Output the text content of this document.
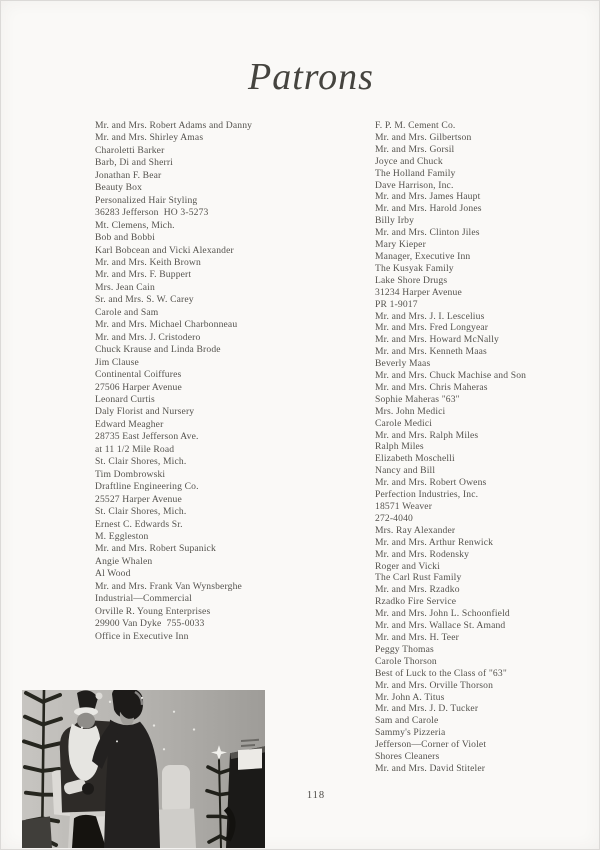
Patrons
Mr. and Mrs. Robert Adams and Danny
Mr. and Mrs. Shirley Amas
Charoletti Barker
Barb, Di and Sherri
Jonathan F. Bear
Beauty Box
Personalized Hair Styling
36283 Jefferson  HO 3-5273
Mt. Clemens, Mich.
Bob and Bobbi
Karl Bobcean and Vicki Alexander
Mr. and Mrs. Keith Brown
Mr. and Mrs. F. Buppert
Mrs. Jean Cain
Sr. and Mrs. S. W. Carey
Carole and Sam
Mr. and Mrs. Michael Charbonneau
Mr. and Mrs. J. Cristodero
Chuck Krause and Linda Brode
Jim Clause
Continental Coiffures
27506 Harper Avenue
Leonard Curtis
Daly Florist and Nursery
Edward Meagher
28735 East Jefferson Ave.
at 11 1/2 Mile Road
St. Clair Shores, Mich.
Tim Dombrowski
Draftline Engineering Co.
25527 Harper Avenue
St. Clair Shores, Mich.
Ernest C. Edwards Sr.
M. Eggleston
Mr. and Mrs. Robert Supanick
Angie Whalen
Al Wood
Mr. and Mrs. Frank Van Wynsberghe
Industrial—Commercial
Orville R. Young Enterprises
29900 Van Dyke  755-0033
Office in Executive Inn
F. P. M. Cement Co.
Mr. and Mrs. Gilbertson
Mr. and Mrs. Gorsil
Joyce and Chuck
The Holland Family
Dave Harrison, Inc.
Mr. and Mrs. James Haupt
Mr. and Mrs. Harold Jones
Billy Irby
Mr. and Mrs. Clinton Jiles
Mary Kieper
Manager, Executive Inn
The Kusyak Family
Lake Shore Drugs
31234 Harper Avenue
PR 1-9017
Mr. and Mrs. J. I. Lescelius
Mr. and Mrs. Fred Longyear
Mr. and Mrs. Howard McNally
Mr. and Mrs. Kenneth Maas
Beverly Maas
Mr. and Mrs. Chuck Machise and Son
Mr. and Mrs. Chris Maheras
Sophie Maheras "63"
Mrs. John Medici
Carole Medici
Mr. and Mrs. Ralph Miles
Ralph Miles
Elizabeth Moschelli
Nancy and Bill
Mr. and Mrs. Robert Owens
Perfection Industries, Inc.
18571 Weaver
272-4040
Mrs. Ray Alexander
Mr. and Mrs. Arthur Renwick
Mr. and Mrs. Rodensky
Roger and Vicki
The Carl Rust Family
Mr. and Mrs. Rzadko
Rzadko Fire Service
Mr. and Mrs. John L. Schoonfield
Mr. and Mrs. Wallace St. Amand
Mr. and Mrs. H. Teer
Peggy Thomas
Carole Thorson
Best of Luck to the Class of "63"
Mr. and Mrs. Orville Thorson
Mr. John A. Titus
Mr. and Mrs. J. D. Tucker
Sam and Carole
Sammy's Pizzeria
Jefferson—Corner of Violet
Shores Cleaners
Mr. and Mrs. David Stiteler
118
